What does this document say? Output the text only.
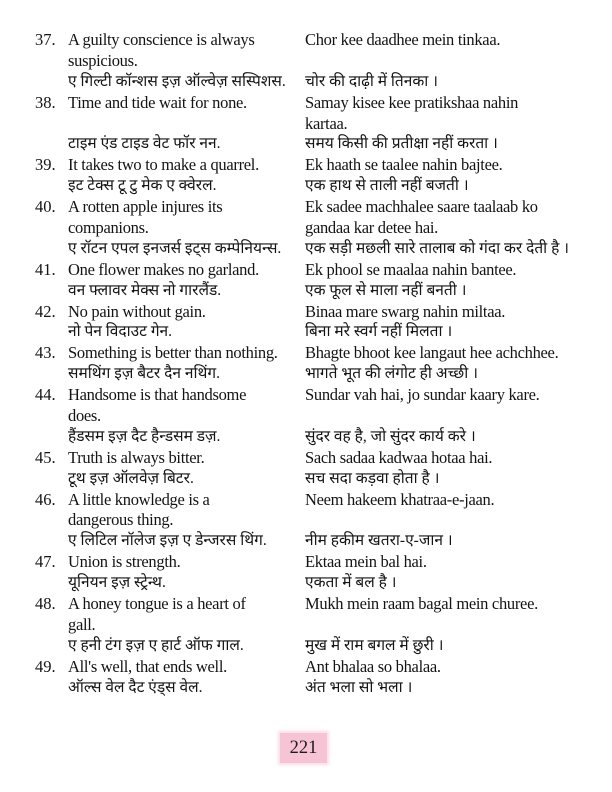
37. A guilty conscience is always
suspicious.
ए गिल्टी कॉन्शस इज़ ऑल्वेज़ सस्पिशस.
Chor kee daadhee mein tinkaa.

चोर की दाढ़ी में तिनका ।
38. Time and tide wait for none.

टाइम एंड टाइड वेट फॉर नन.
Samay kisee kee pratikshaa nahin
kartaa.
समय किसी की प्रतीक्षा नहीं करता ।
39. It takes two to make a quarrel.
इट टेक्स टू टु मेक ए क्वेरल.
Ek haath se taalee nahin bajtee.
एक हाथ से ताली नहीं बजती ।
40. A rotten apple injures its
companions.
ए रॉटन एपल इनजर्स इट्स कम्पेनियन्स.
Ek sadee machhalee saare taalaab ko
gandaa kar detee hai.
एक सड़ी मछली सारे तालाब को गंदा कर देती है ।
41. One flower makes no garland.
वन फ्लावर मेक्स नो गारलैंड.
Ek phool se maalaa nahin bantee.
एक फूल से माला नहीं बनती ।
42. No pain without gain.
नो पेन विदाउट गेन.
Binaa mare swarg nahin miltaa.
बिना मरे स्वर्ग नहीं मिलता ।
43. Something is better than nothing.
समथिंग इज़ बैटर दैन नथिंग.
Bhagte bhoot kee langaut hee achchhee.
भागते भूत की लंगोट ही अच्छी ।
44. Handsome is that handsome
does.
हैंडसम इज़ दैट हैन्डसम डज़.
Sundar vah hai, jo sundar kaary kare.

सुंदर वह है, जो सुंदर कार्य करे ।
45. Truth is always bitter.
टूथ इज़ ऑलवेज़ बिटर.
Sach sadaa kadwaa hotaa hai.
सच सदा कड़वा होता है ।
46. A little knowledge is a
dangerous thing.
ए लिटिल नॉलेज इज़ ए डेन्जरस थिंग.
Neem hakeem khatraa-e-jaan.

नीम हकीम खतरा-ए-जान ।
47. Union is strength.
यूनियन इज़ स्ट्रेन्थ.
Ektaa mein bal hai.
एकता में बल है ।
48. A honey tongue is a heart of
gall.
ए हनी टंग इज़ ए हार्ट ऑफ गाल.
Mukh mein raam bagal mein churee.

मुख में राम बगल में छुरी ।
49. All's well, that ends well.
ऑल्स वेल दैट एंड्स वेल.
Ant bhalaa so bhalaa.
अंत भला सो भला ।
221
